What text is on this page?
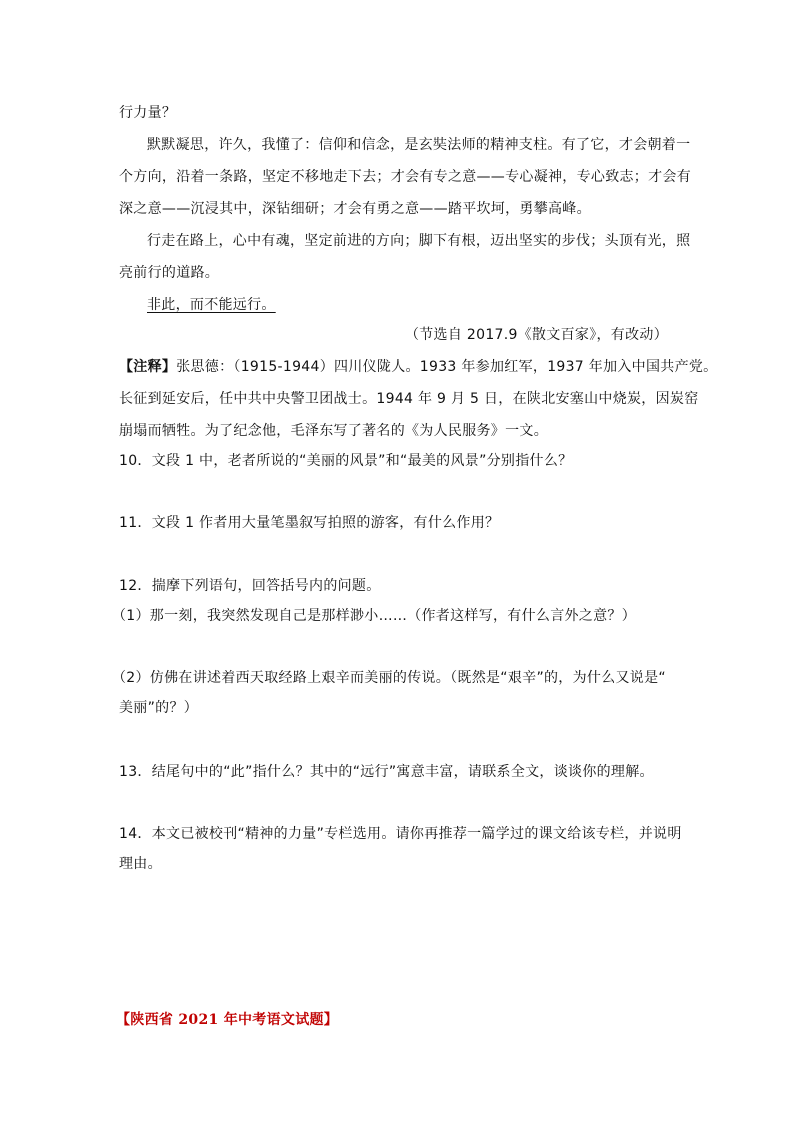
行力量？
默默凝思，许久，我懂了：信仰和信念，是玄奘法师的精神支柱。有了它，才会朝着一
个方向，沿着一条路，坚定不移地走下去；才会有专之意——专心凝神，专心致志；才会有
深之意——沉浸其中，深钻细研；才会有勇之意——踏平坎坷，勇攀高峰。
行走在路上，心中有魂，坚定前进的方向；脚下有根，迈出坚实的步伐；头顶有光，照
亮前行的道路。
非此，而不能远行。
（节选自 2017.9《散文百家》，有改动）
【注释】张思德：（1915-1944）四川仪陇人。1933 年参加红军，1937 年加入中国共产党。
长征到延安后，任中共中央警卫团战士。1944 年 9 月 5 日，在陕北安塞山中烧炭，因炭窑
崩塌而牺牲。为了纪念他，毛泽东写了著名的《为人民服务》一文。
10．文段 1 中，老者所说的“美丽的风景”和“最美的风景”分别指什么？
11．文段 1 作者用大量笔墨叙写拍照的游客，有什么作用？
12．揣摩下列语句，回答括号内的问题。
（1）那一刻，我突然发现自己是那样渺小……（作者这样写，有什么言外之意？）
（2）仿佛在讲述着西天取经路上艰辛而美丽的传说。（既然是“艰辛”的，为什么又说是“
美丽”的？）
13．结尾句中的“此”指什么？其中的“远行”寓意丰富，请联系全文，谈谈你的理解。
14．本文已被校刊“精神的力量”专栏选用。请你再推荐一篇学过的课文给该专栏，并说明
理由。
【陕西省 2021 年中考语文试题】
